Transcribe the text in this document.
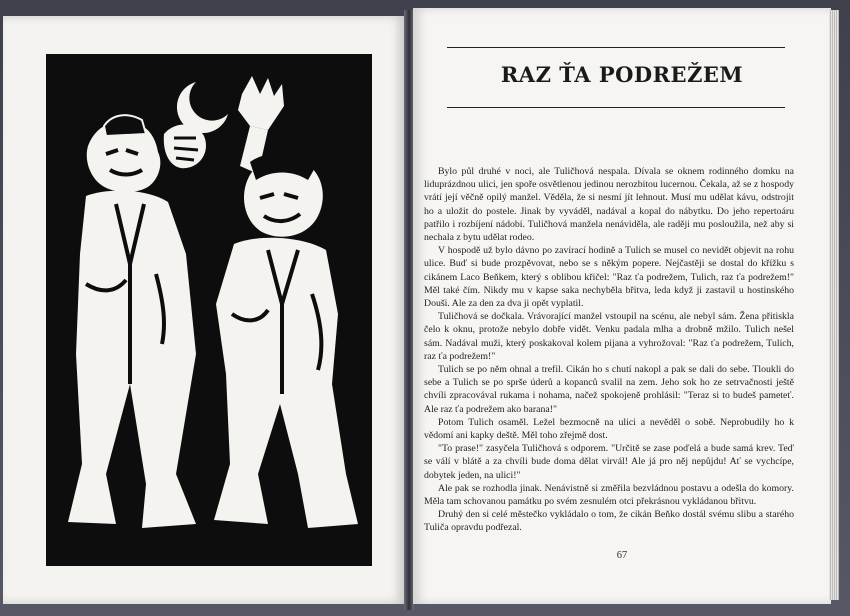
RAZ ŤA PODREŽEM

Bylo půl druhé v noci, ale Tuličhová nespala. Dívala se oknem rodinného domku na liduprázdnou ulici, jen spoře osvětlenou jedinou nerozbitou lucernou. Čekala, až se z hospody vrátí její věčně opilý manžel. Věděla, že si nesmí jít lehnout. Musí mu udělat kávu, odstrojit ho a uložit do postele. Jinak by vyváděl, nadával a kopal do nábytku. Do jeho repertoáru patřilo i rozbíjení nádobí. Tuličhová manžela nenáviděla, ale raději mu posloužila, než aby si nechala z bytu udělat rodeo.

V hospodě už bylo dávno po zavírací hodině a Tulich se musel co nevidět objevit na rohu ulice. Buď si bude prozpěvovat, nebo se s někým popere. Nejčastěji se dostal do křížku s cikánem Laco Beňkem, který s oblibou křičel: "Raz ťa podrežem, Tulich, raz ťa podrežem!" Měl také čím. Nikdy mu v kapse saka nechyběla břitva, leda když ji zastavil u hostinského Douši. Ale za den za dva ji opět vyplatil.

Tuličhová se dočkala. Vrávorající manžel vstoupil na scénu, ale nebyl sám. Žena přitiskla čelo k oknu, protože nebylo dobře vidět. Venku padala mlha a drobně mžilo. Tulich nešel sám. Nadával muži, který poskakoval kolem pijana a vyhrožoval: "Raz ťa podrežem, Tulich, raz ťa podrežem!"

Tulich se po něm ohnal a trefil. Cikán ho s chutí nakopl a pak se dali do sebe. Tloukli do sebe a Tulich se po sprše úderů a kopanců svalil na zem. Jeho sok ho ze setrvačnosti ještě chvíli zpracovával rukama i nohama, načež spokojeně prohlásil: "Teraz si to budeš pameteť. Ale raz ťa podrežem ako barana!"

Potom Tulich osaměl. Ležel bezmocně na ulici a nevěděl o sobě. Neprobudily ho k vědomí ani kapky deště. Měl toho zřejmě dost.

"To prase!" zasyčela Tuličhová s odporem. "Určitě se zase poďelá a bude samá krev. Teď se válí v blátě a za chvíli bude doma dělat virvál! Ale já pro něj nepůjdu! Ať se vychcípe, dobytek jeden, na ulici!"

Ale pak se rozhodla jinak. Nenávistně si změřila bezvládnou postavu a odešla do komory. Měla tam schovanou památku po svém zesnulém otci překrásnou vykládanou břitvu.

Druhý den si celé městečko vykládalo o tom, že cikán Beňko dostál svému slibu a starého Tuliča opravdu podřezal.

67
